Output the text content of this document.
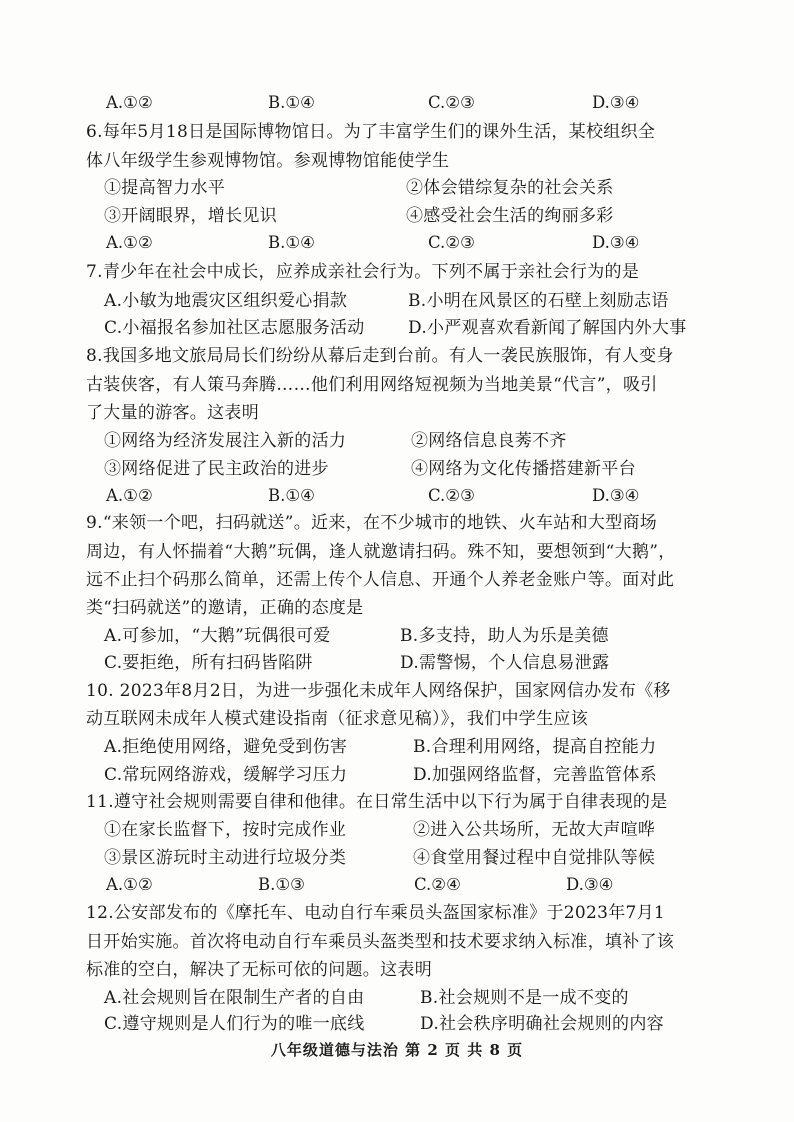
A.①②	B.①④	C.②③	D.③④
6.每年5月18日是国际博物馆日。为了丰富学生们的课外生活，某校组织全
体八年级学生参观博物馆。参观博物馆能使学生
①提高智力水平	②体会错综复杂的社会关系
③开阔眼界，增长见识	④感受社会生活的绚丽多彩
A.①②	B.①④	C.②③	D.③④
7.青少年在社会中成长，应养成亲社会行为。下列不属于亲社会行为的是
A.小敏为地震灾区组织爱心捐款	B.小明在风景区的石壁上刻励志语
C.小福报名参加社区志愿服务活动	D.小严观喜欢看新闻了解国内外大事
8.我国多地文旅局局长们纷纷从幕后走到台前。有人一袭民族服饰，有人变身
古装侠客，有人策马奔腾……他们利用网络短视频为当地美景“代言”，吸引
了大量的游客。这表明
①网络为经济发展注入新的活力	②网络信息良莠不齐
③网络促进了民主政治的进步	④网络为文化传播搭建新平台
A.①②	B.①④	C.②③	D.③④
9.“来领一个吧，扫码就送”。近来，在不少城市的地铁、火车站和大型商场
周边，有人怀揣着“大鹅”玩偶，逢人就邀请扫码。殊不知，要想领到“大鹅”，
远不止扫个码那么简单，还需上传个人信息、开通个人养老金账户等。面对此
类“扫码就送”的邀请，正确的态度是
A.可参加，“大鹅”玩偶很可爱	B.多支持，助人为乐是美德
C.要拒绝，所有扫码皆陷阱	D.需警惕，个人信息易泄露
10. 2023年8月2日，为进一步强化未成年人网络保护，国家网信办发布《移
动互联网未成年人模式建设指南（征求意见稿）》，我们中学生应该
A.拒绝使用网络，避免受到伤害	B.合理利用网络，提高自控能力
C.常玩网络游戏，缓解学习压力	D.加强网络监督，完善监管体系
11.遵守社会规则需要自律和他律。在日常生活中以下行为属于自律表现的是
①在家长监督下，按时完成作业	②进入公共场所，无故大声喧哗
③景区游玩时主动进行垃圾分类	④食堂用餐过程中自觉排队等候
A.①②	B.①③	C.②④	D.③④
12.公安部发布的《摩托车、电动自行车乘员头盔国家标准》于2023年7月1
日开始实施。首次将电动自行车乘员头盔类型和技术要求纳入标准，填补了该
标准的空白，解决了无标可依的问题。这表明
A.社会规则旨在限制生产者的自由	B.社会规则不是一成不变的
C.遵守规则是人们行为的唯一底线	D.社会秩序明确社会规则的内容
八年级道德与法治 第 2 页 共 8 页
